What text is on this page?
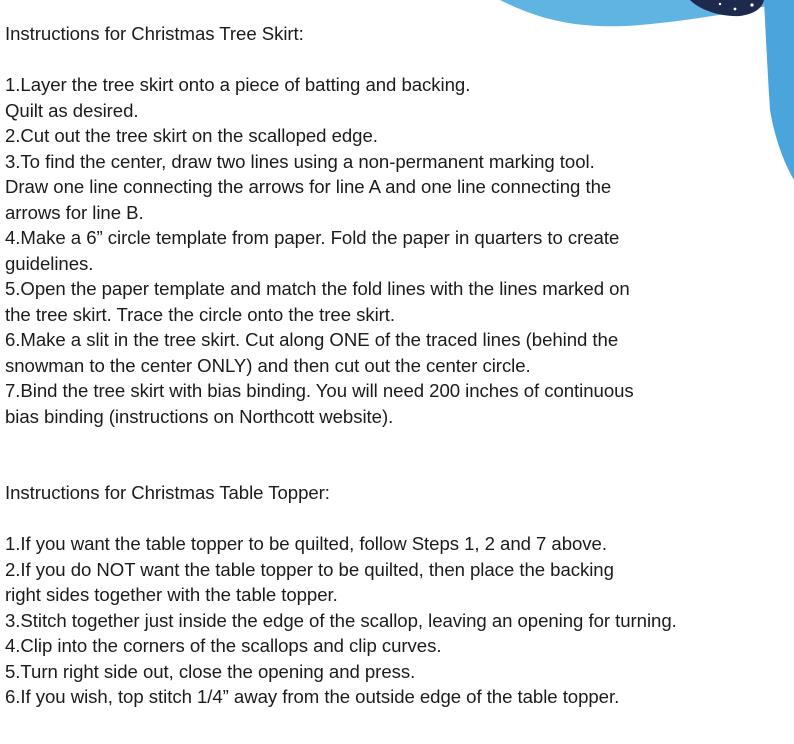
Instructions for Christmas Tree Skirt:

1.Layer the tree skirt onto a piece of batting and backing.

Quilt as desired.

2.Cut out the tree skirt on the scalloped edge.

3.To find the center, draw two lines using a non-permanent marking tool.

Draw one line connecting the arrows for line A and one line connecting the

arrows for line B.

4.Make a 6” circle template from paper. Fold the paper in quarters to create

guidelines.

5.Open the paper template and match the fold lines with the lines marked on

the tree skirt. Trace the circle onto the tree skirt.

6.Make a slit in the tree skirt. Cut along ONE of the traced lines (behind the

snowman to the center ONLY) and then cut out the center circle.

7.Bind the tree skirt with bias binding. You will need 200 inches of continuous

bias binding (instructions on Northcott website).

Instructions for Christmas Table Topper:

1.If you want the table topper to be quilted, follow Steps 1, 2 and 7 above.

2.If you do NOT want the table topper to be quilted, then place the backing

right sides together with the table topper.

3.Stitch together just inside the edge of the scallop, leaving an opening for turning.

4.Clip into the corners of the scallops and clip curves.

5.Turn right side out, close the opening and press.

6.If you wish, top stitch 1/4” away from the outside edge of the table topper.
